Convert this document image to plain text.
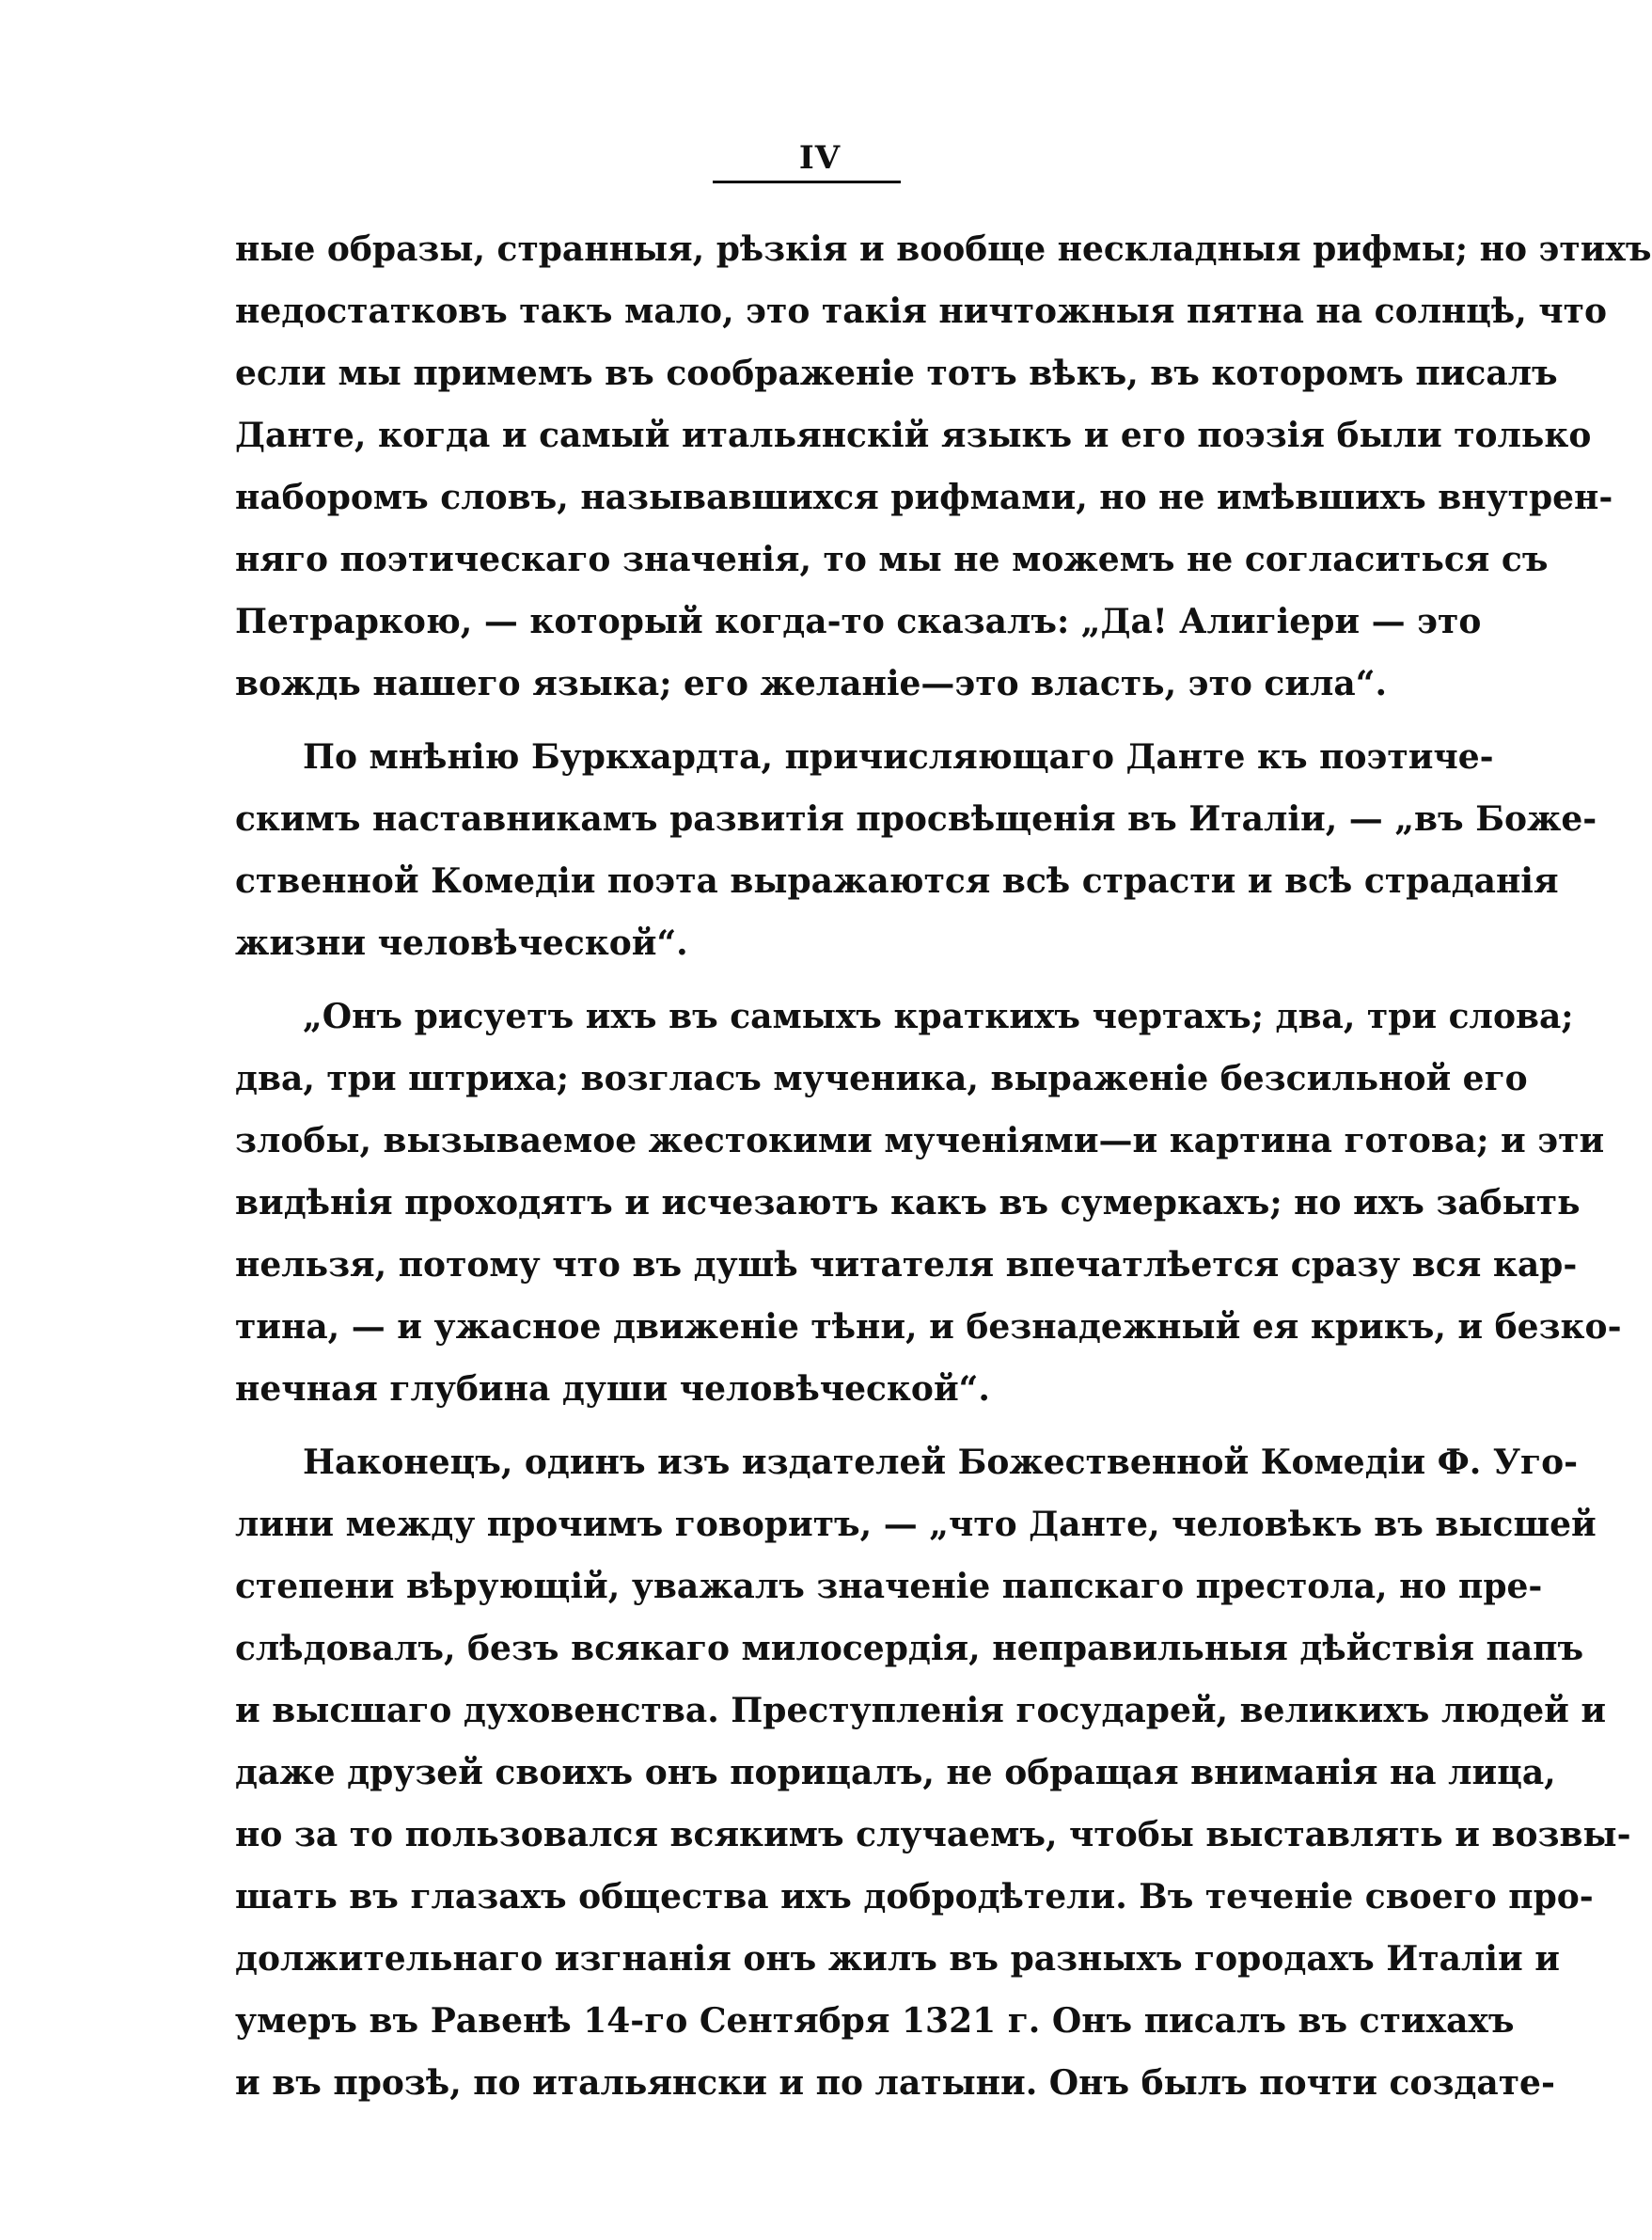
IV
ные образы, странныя, рѣзкія и вообще нескладныя рифмы; но этихъ
недостатковъ такъ мало, это такія ничтожныя пятна на солнцѣ, что
если мы примемъ въ соображеніе тотъ вѣкъ, въ которомъ писалъ
Данте, когда и самый итальянскій языкъ и его поэзія были только
наборомъ словъ, называвшихся рифмами, но не имѣвшихъ внутрен-
няго поэтическаго значенія, то мы не можемъ не согласиться съ
Петраркою, — который когда-то сказалъ: „Да! Алигіери — это
вождь нашего языка; его желаніе—это власть, это сила“.
По мнѣнію Буркхардта, причисляющаго Данте къ поэтиче-
скимъ наставникамъ развитія просвѣщенія въ Италіи, — „въ Боже-
ственной Комедіи поэта выражаются всѣ страсти и всѣ страданія
жизни человѣческой“.
„Онъ рисуетъ ихъ въ самыхъ краткихъ чертахъ; два, три слова;
два, три штриха; возгласъ мученика, выраженіе безсильной его
злобы, вызываемое жестокими мученіями—и картина готова; и эти
видѣнія проходятъ и исчезаютъ какъ въ сумеркахъ; но ихъ забыть
нельзя, потому что въ душѣ читателя впечатлѣется сразу вся кар-
тина, — и ужасное движеніе тѣни, и безнадежный ея крикъ, и безко-
нечная глубина души человѣческой“.
Наконецъ, одинъ изъ издателей Божественной Комедіи Ф. Уго-
лини между прочимъ говоритъ, — „что Данте, человѣкъ въ высшей
степени вѣрующій, уважалъ значеніе папскаго престола, но пре-
слѣдовалъ, безъ всякаго милосердія, неправильныя дѣйствія папъ
и высшаго духовенства. Преступленія государей, великихъ людей и
даже друзей своихъ онъ порицалъ, не обращая вниманія на лица,
но за то пользовался всякимъ случаемъ, чтобы выставлять и возвы-
шать въ глазахъ общества ихъ добродѣтели. Въ теченіе своего про-
должительнаго изгнанія онъ жилъ въ разныхъ городахъ Италіи и
умеръ въ Равенѣ 14-го Сентября 1321 г. Онъ писалъ въ стихахъ
и въ прозѣ, по итальянски и по латыни. Онъ былъ почти создате-
